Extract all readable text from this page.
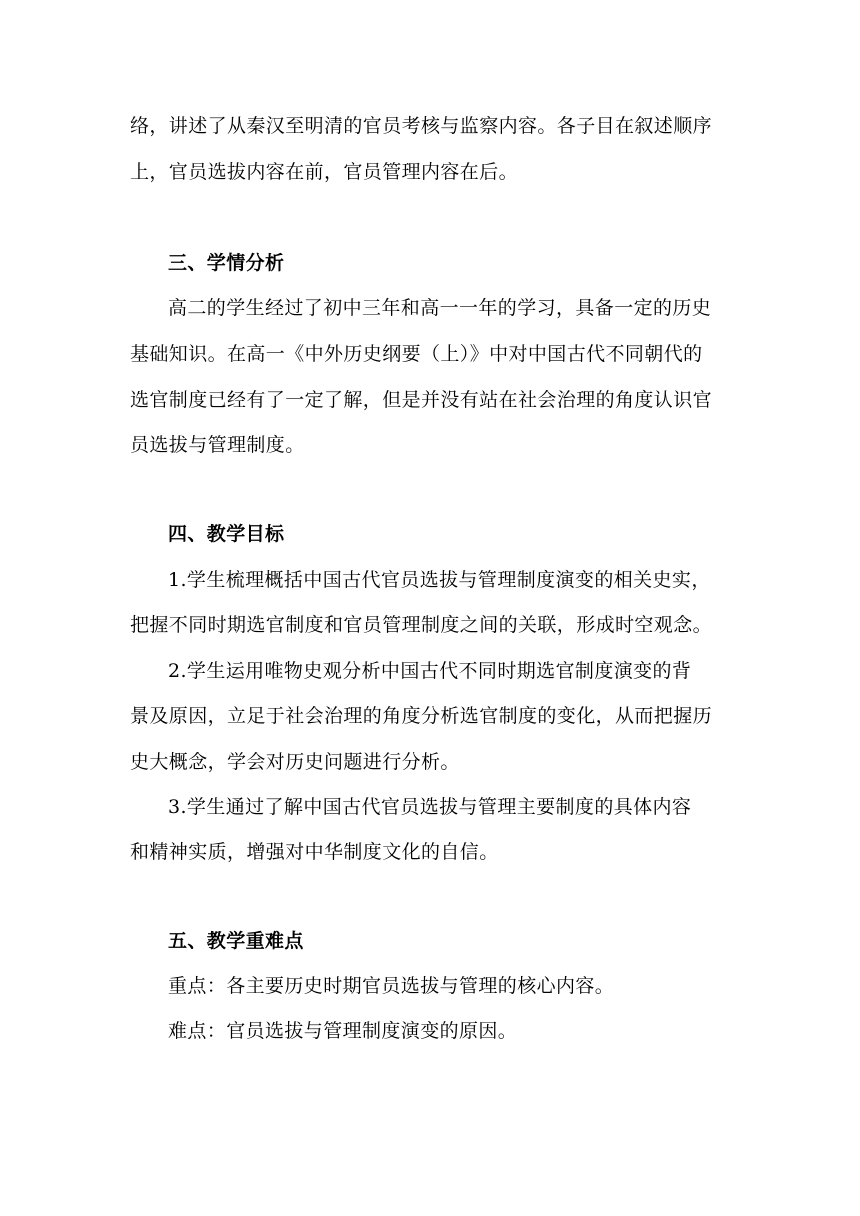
络，讲述了从秦汉至明清的官员考核与监察内容。各子目在叙述顺序
上，官员选拔内容在前，官员管理内容在后。
三、学情分析
高二的学生经过了初中三年和高一一年的学习，具备一定的历史
基础知识。在高一《中外历史纲要（上）》中对中国古代不同朝代的
选官制度已经有了一定了解，但是并没有站在社会治理的角度认识官
员选拔与管理制度。
四、教学目标
1.学生梳理概括中国古代官员选拔与管理制度演变的相关史实，
把握不同时期选官制度和官员管理制度之间的关联，形成时空观念。
2.学生运用唯物史观分析中国古代不同时期选官制度演变的背
景及原因，立足于社会治理的角度分析选官制度的变化，从而把握历
史大概念，学会对历史问题进行分析。
3.学生通过了解中国古代官员选拔与管理主要制度的具体内容
和精神实质，增强对中华制度文化的自信。
五、教学重难点
重点：各主要历史时期官员选拔与管理的核心内容。
难点：官员选拔与管理制度演变的原因。
